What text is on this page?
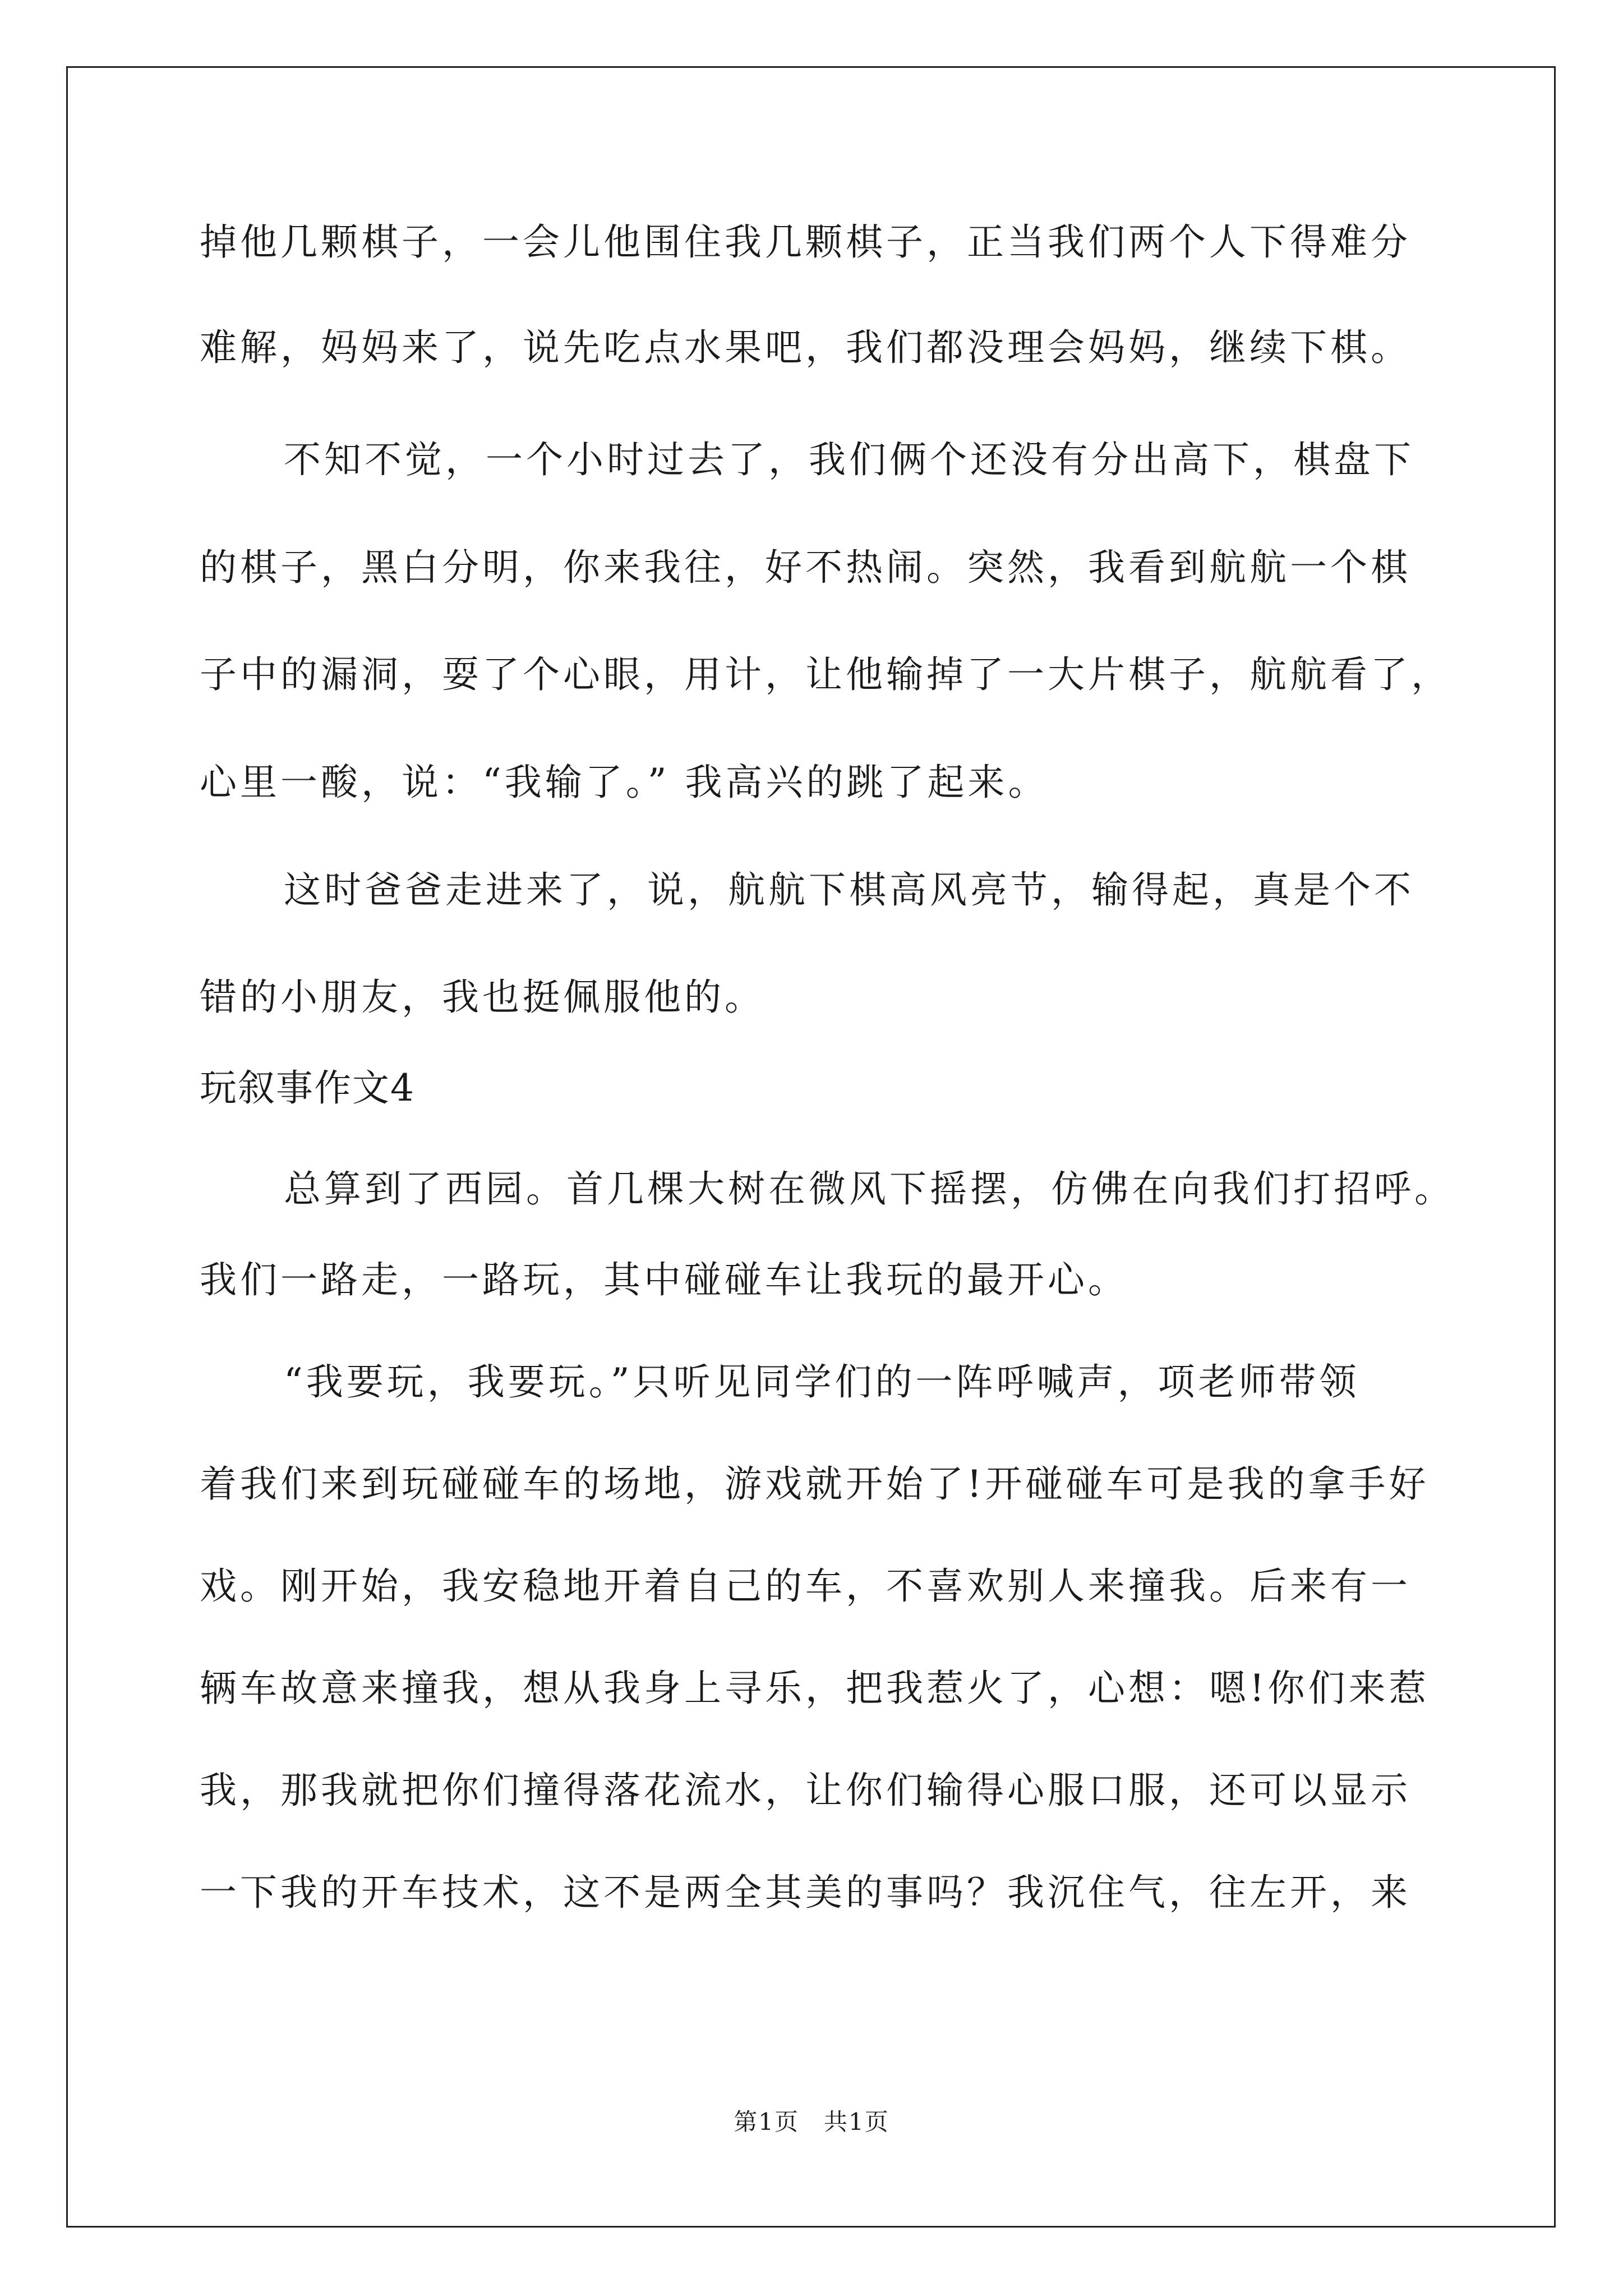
掉他几颗棋子，一会儿他围住我几颗棋子，正当我们两个人下得难分
难解，妈妈来了，说先吃点水果吧，我们都没理会妈妈，继续下棋。
不知不觉，一个小时过去了，我们俩个还没有分出高下，棋盘下
的棋子，黑白分明，你来我往，好不热闹。突然，我看到航航一个棋
子中的漏洞，耍了个心眼，用计，让他输掉了一大片棋子，航航看了，
心里一酸，说：“我输了。” 我高兴的跳了起来。
这时爸爸走进来了，说，航航下棋高风亮节，输得起，真是个不
错的小朋友，我也挺佩服他的。
玩叙事作文4
总算到了西园。首几棵大树在微风下摇摆，仿佛在向我们打招呼。
我们一路走，一路玩，其中碰碰车让我玩的最开心。
“我要玩，我要玩。”只听见同学们的一阵呼喊声，项老师带领
着我们来到玩碰碰车的场地，游戏就开始了!开碰碰车可是我的拿手好
戏。刚开始，我安稳地开着自己的车，不喜欢别人来撞我。后来有一
辆车故意来撞我，想从我身上寻乐，把我惹火了，心想：嗯!你们来惹
我，那我就把你们撞得落花流水，让你们输得心服口服，还可以显示
一下我的开车技术，这不是两全其美的事吗？我沉住气，往左开，来
第1页　共1页
